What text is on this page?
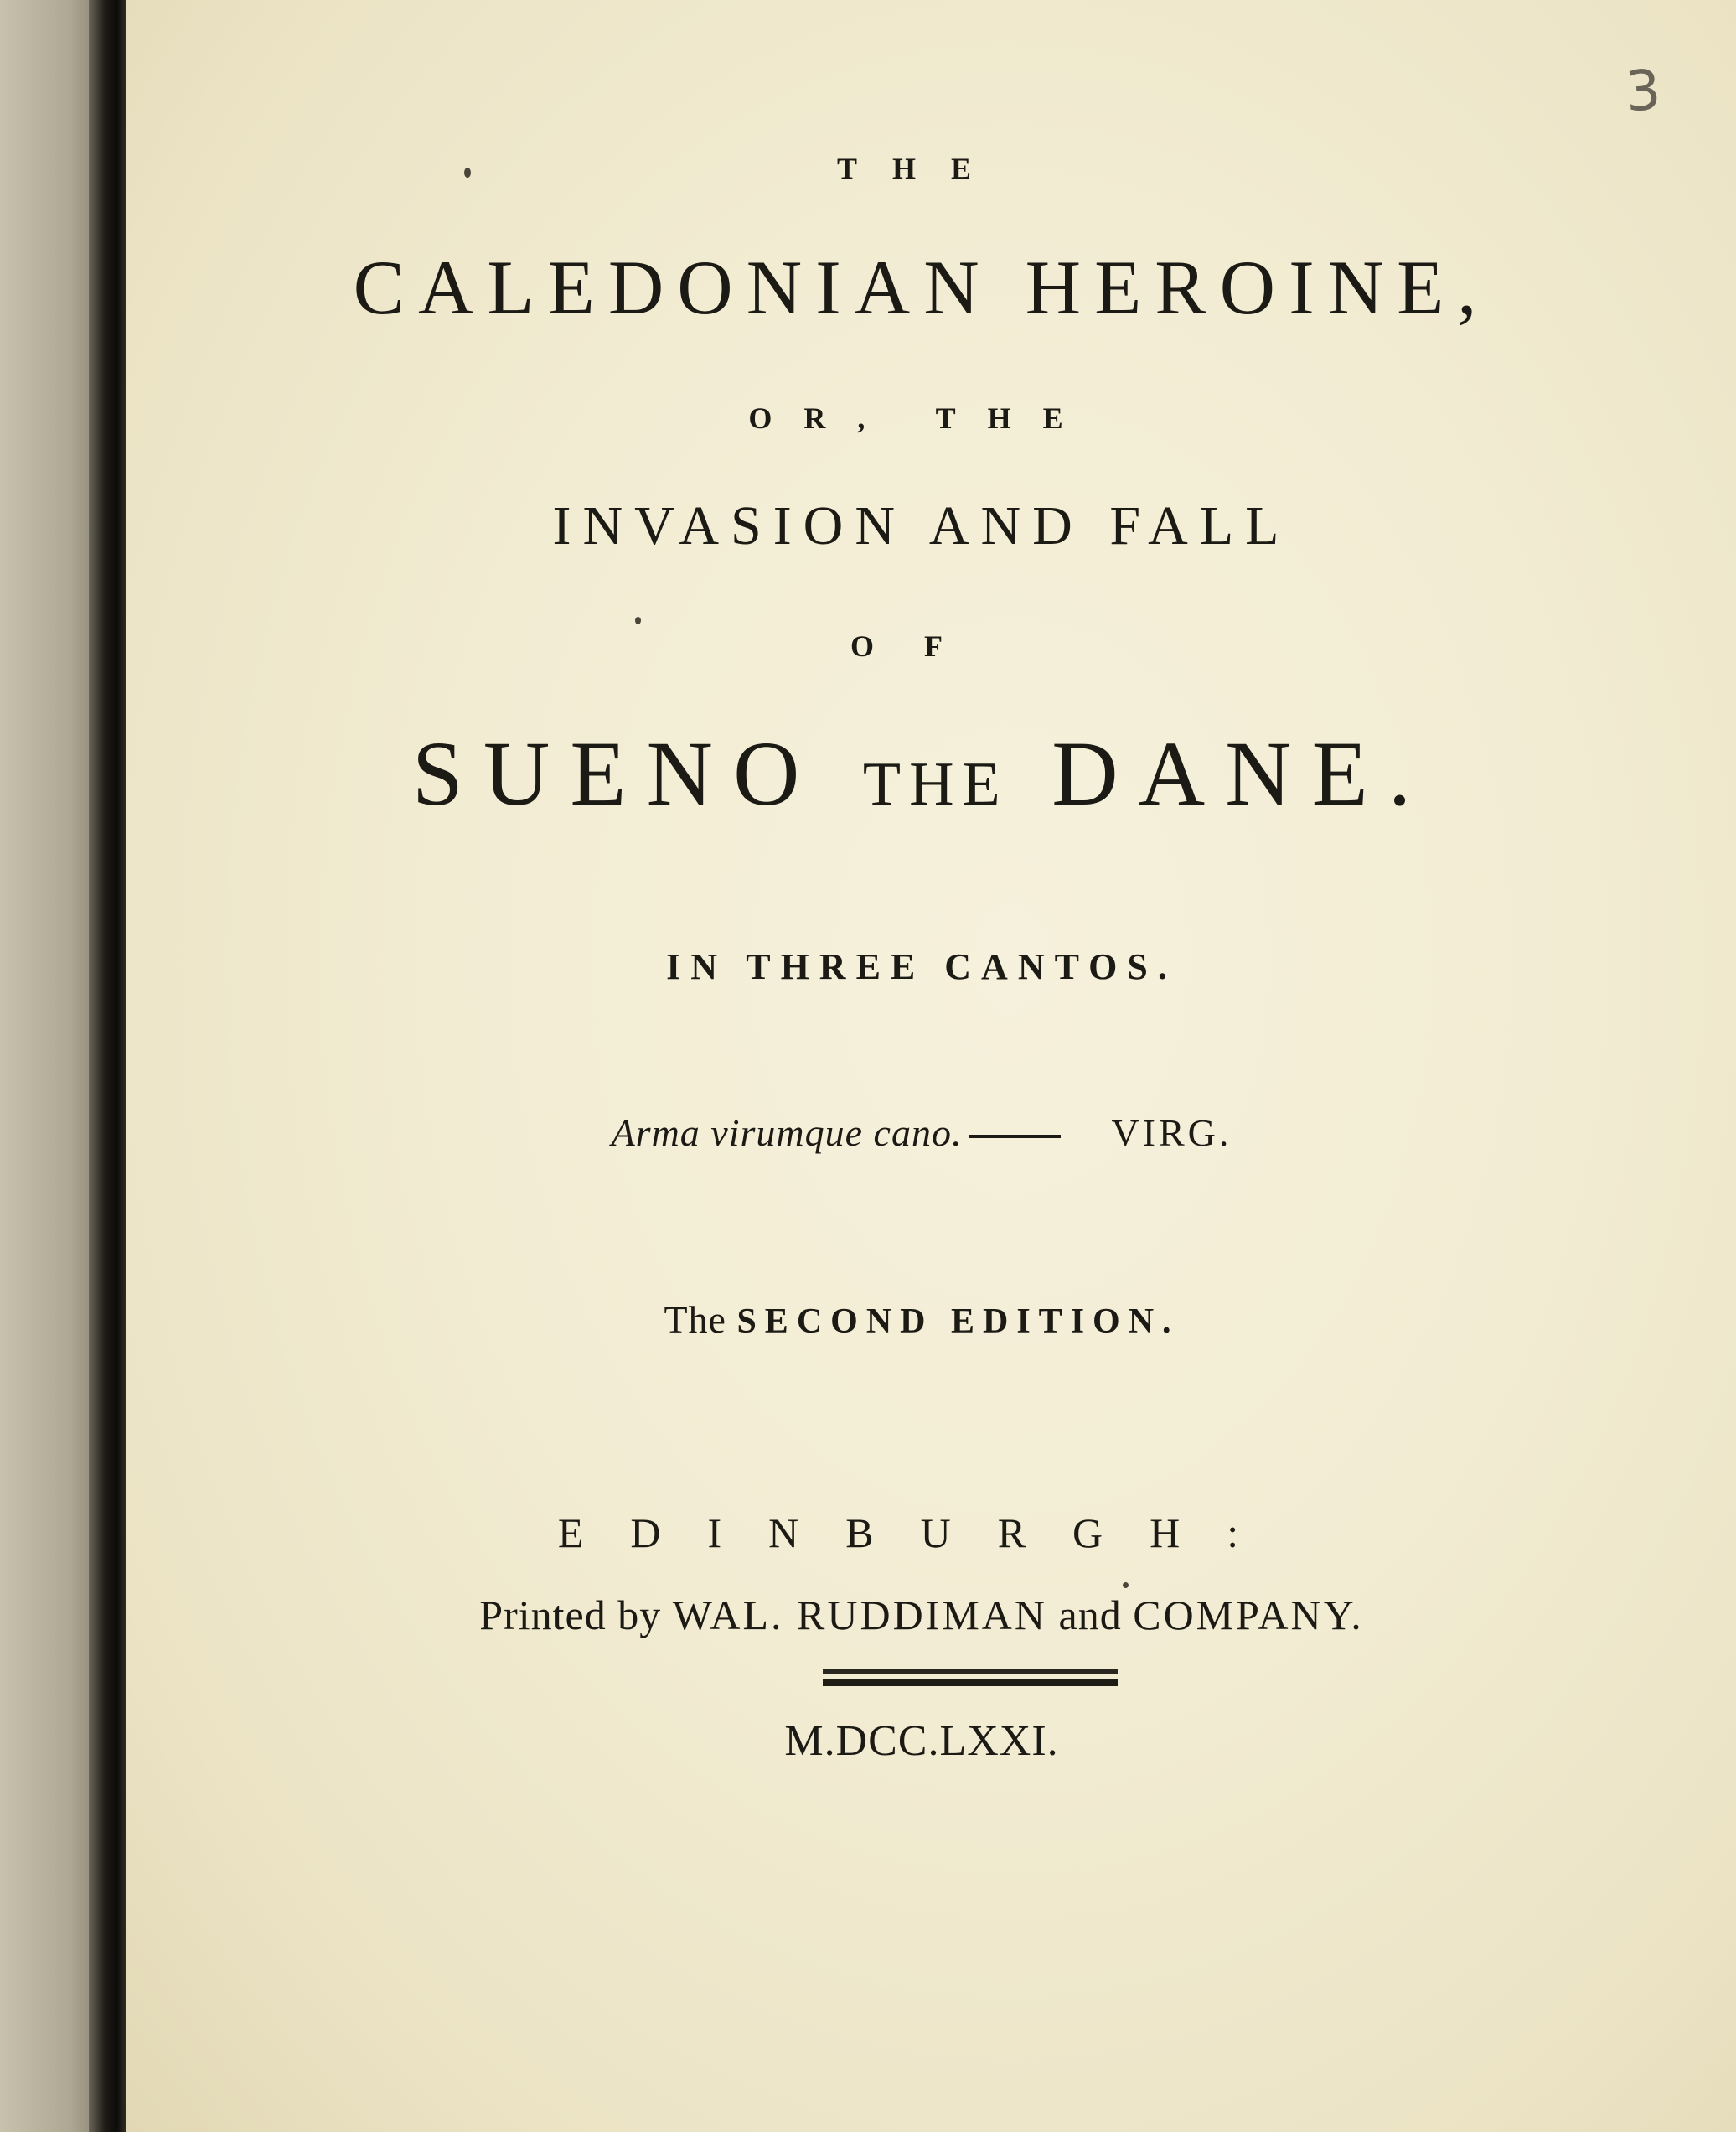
3
THE
CALEDONIAN HEROINE,
OR, THE
INVASION AND FALL
OF
SUENO THE DANE.
IN THREE CANTOS.
Arma virumque cano.	VIRG.
The SECOND EDITION.
EDINBURGH:
Printed by WAL. RUDDIMAN and COMPANY.
M.DCC.LXXI.
